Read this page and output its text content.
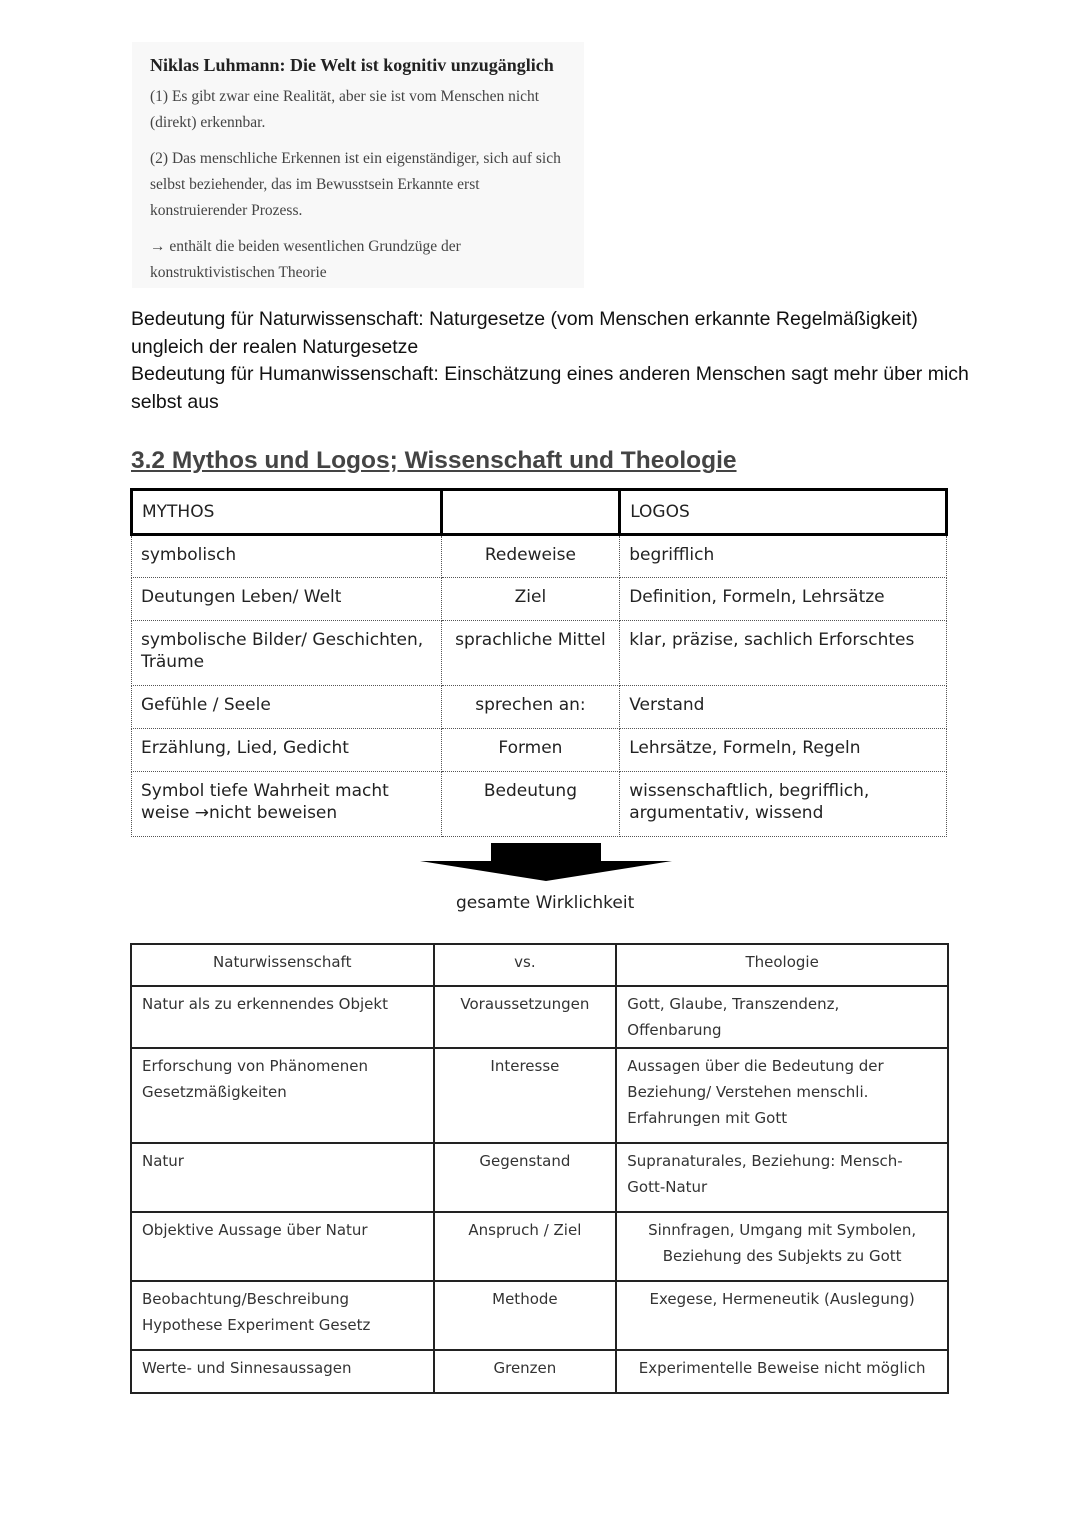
Niklas Luhmann: Die Welt ist kognitiv unzugänglich
(1) Es gibt zwar eine Realität, aber sie ist vom Menschen nicht (direkt) erkennbar.
(2) Das menschliche Erkennen ist ein eigenständiger, sich auf sich selbst beziehender, das im Bewusstsein Erkannte erst konstruierender Prozess.
→ enthält die beiden wesentlichen Grundzüge der konstruktivistischen Theorie
Bedeutung für Naturwissenschaft: Naturgesetze (vom Menschen erkannte Regelmäßigkeit) ungleich der realen Naturgesetze
Bedeutung für Humanwissenschaft: Einschätzung eines anderen Menschen sagt mehr über mich selbst aus
3.2 Mythos und Logos; Wissenschaft und Theologie
MYTHOS		LOGOS
symbolisch	Redeweise	begrifflich
Deutungen Leben/ Welt	Ziel	Definition, Formeln, Lehrsätze
symbolische Bilder/ Geschichten, Träume	sprachliche Mittel	klar, präzise, sachlich Erforschtes
Gefühle / Seele	sprechen an:	Verstand
Erzählung, Lied, Gedicht	Formen	Lehrsätze, Formeln, Regeln
Symbol tiefe Wahrheit macht weise →nicht beweisen	Bedeutung	wissenschaftlich, begrifflich, argumentativ, wissend
gesamte Wirklichkeit
Naturwissenschaft	vs.	Theologie
Natur als zu erkennendes Objekt	Voraussetzungen	Gott, Glaube, Transzendenz, Offenbarung
Erforschung von Phänomenen Gesetzmäßigkeiten	Interesse	Aussagen über die Bedeutung der Beziehung/ Verstehen menschli. Erfahrungen mit Gott
Natur	Gegenstand	Supranaturales, Beziehung: Mensch-Gott-Natur
Objektive Aussage über Natur	Anspruch / Ziel	Sinnfragen, Umgang mit Symbolen, Beziehung des Subjekts zu Gott
Beobachtung/Beschreibung Hypothese Experiment Gesetz	Methode	Exegese, Hermeneutik (Auslegung)
Werte- und Sinnesaussagen	Grenzen	Experimentelle Beweise nicht möglich
